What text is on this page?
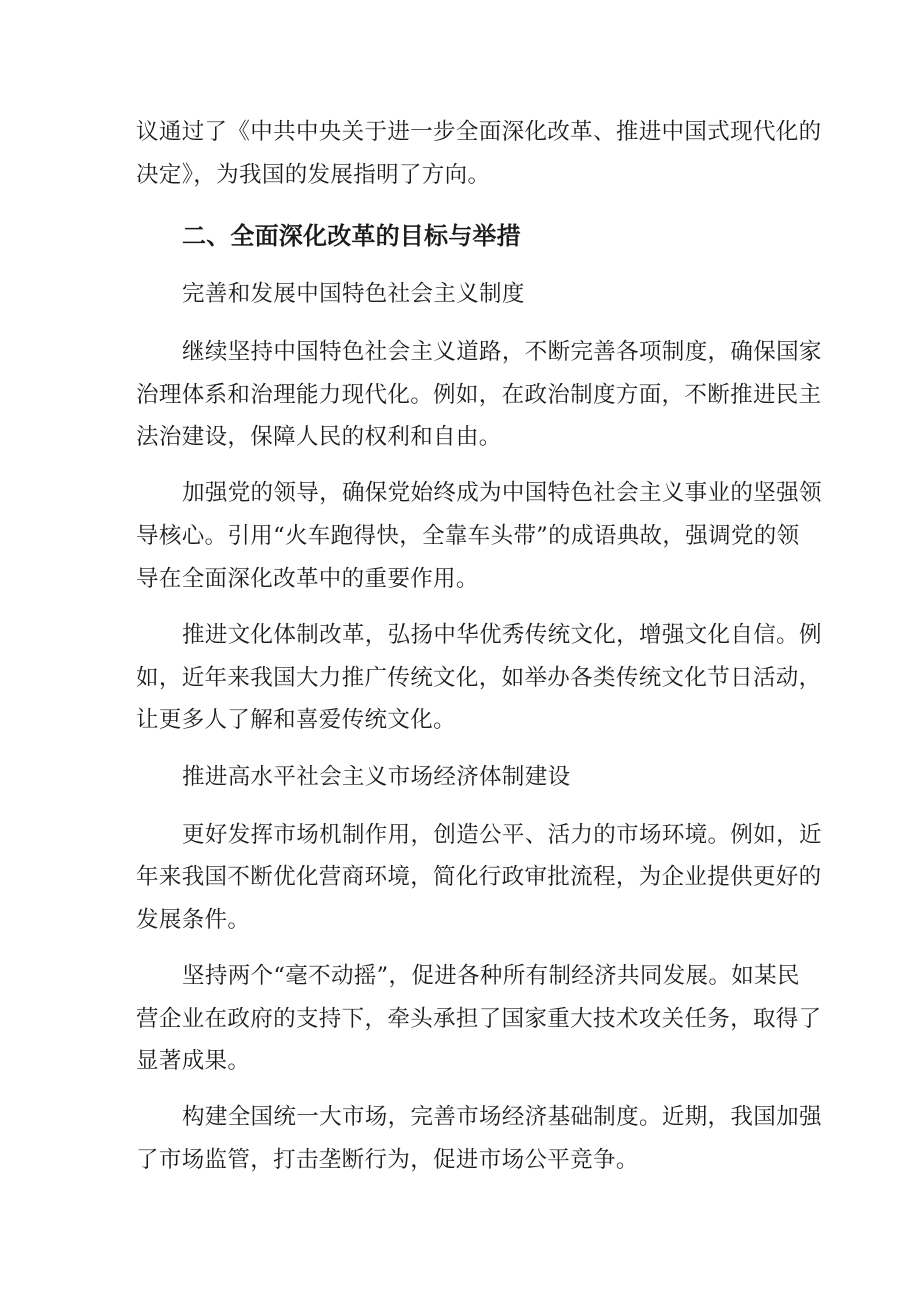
议通过了《中共中央关于进一步全面深化改革、推进中国式现代化的
决定》，为我国的发展指明了方向。
二、全面深化改革的目标与举措
完善和发展中国特色社会主义制度
继续坚持中国特色社会主义道路，不断完善各项制度，确保国家
治理体系和治理能力现代化。例如，在政治制度方面，不断推进民主
法治建设，保障人民的权利和自由。
加强党的领导，确保党始终成为中国特色社会主义事业的坚强领
导核心。引用“火车跑得快，全靠车头带”的成语典故，强调党的领
导在全面深化改革中的重要作用。
推进文化体制改革，弘扬中华优秀传统文化，增强文化自信。例
如，近年来我国大力推广传统文化，如举办各类传统文化节日活动，
让更多人了解和喜爱传统文化。
推进高水平社会主义市场经济体制建设
更好发挥市场机制作用，创造公平、活力的市场环境。例如，近
年来我国不断优化营商环境，简化行政审批流程，为企业提供更好的
发展条件。
坚持两个“毫不动摇”，促进各种所有制经济共同发展。如某民
营企业在政府的支持下，牵头承担了国家重大技术攻关任务，取得了
显著成果。
构建全国统一大市场，完善市场经济基础制度。近期，我国加强
了市场监管，打击垄断行为，促进市场公平竞争。
